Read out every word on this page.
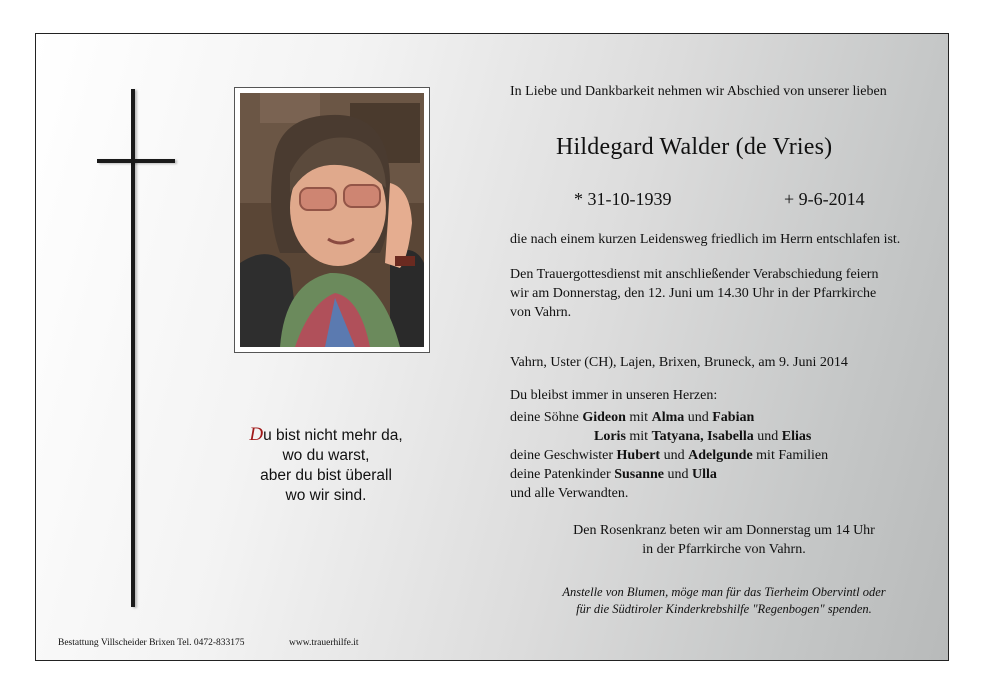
Du bist nicht mehr da,
wo du warst,
aber du bist überall
wo wir sind.
In Liebe und Dankbarkeit nehmen wir Abschied von unserer lieben
Hildegard Walder (de Vries)
* 31-10-1939	+ 9-6-2014
die nach einem kurzen Leidensweg friedlich im Herrn entschlafen ist.
Den Trauergottesdienst mit anschließender Verabschiedung feiern
wir am Donnerstag, den 12. Juni um 14.30 Uhr in der Pfarrkirche
von Vahrn.
Vahrn, Uster (CH), Lajen, Brixen, Bruneck, am 9. Juni 2014
Du bleibst immer in unseren Herzen:
deine Söhne Gideon mit Alma und Fabian
Loris mit Tatyana, Isabella und Elias
deine Geschwister Hubert und Adelgunde mit Familien
deine Patenkinder Susanne und Ulla
und alle Verwandten.
Den Rosenkranz beten wir am Donnerstag um 14 Uhr
in der Pfarrkirche von Vahrn.
Anstelle von Blumen, möge man für das Tierheim Obervintl oder
für die Südtiroler Kinderkrebshilfe "Regenbogen" spenden.
Bestattung Villscheider Brixen Tel. 0472-833175	www.trauerhilfe.it
